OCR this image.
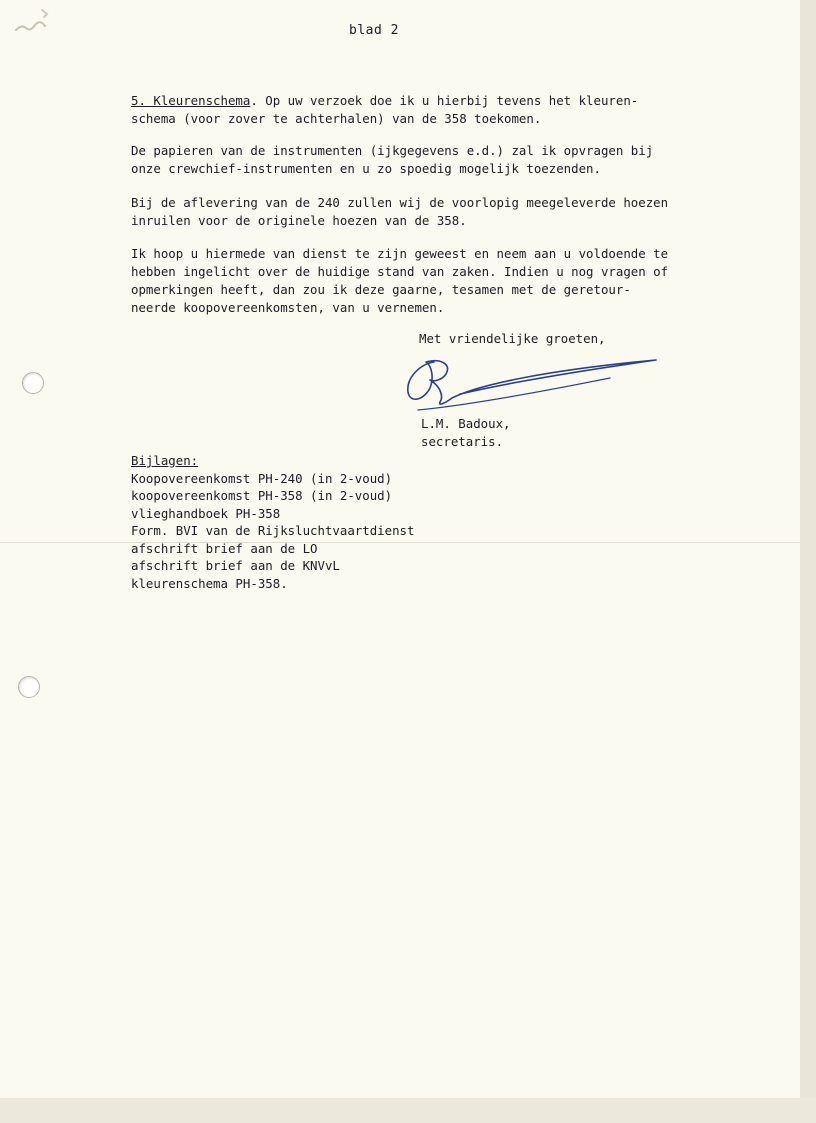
blad 2

5. Kleurenschema. Op uw verzoek doe ik u hierbij tevens het kleuren-
schema (voor zover te achterhalen) van de 358 toekomen.

De papieren van de instrumenten (ijkgegevens e.d.) zal ik opvragen bij
onze crewchief-instrumenten en u zo spoedig mogelijk toezenden.

Bij de aflevering van de 240 zullen wij de voorlopig meegeleverde hoezen
inruilen voor de originele hoezen van de 358.

Ik hoop u hiermede van dienst te zijn geweest en neem aan u voldoende te
hebben ingelicht over de huidige stand van zaken. Indien u nog vragen of
opmerkingen heeft, dan zou ik deze gaarne, tesamen met de geretour-
neerde koopovereenkomsten, van u vernemen.

Met vriendelijke groeten,

L.M. Badoux,
secretaris.
Bijlagen:
Koopovereenkomst PH-240 (in 2-voud)
koopovereenkomst PH-358 (in 2-voud)
vlieghandboek PH-358
Form. BVI van de Rijksluchtvaartdienst
afschrift brief aan de LO
afschrift brief aan de KNVvL
kleurenschema PH-358.
